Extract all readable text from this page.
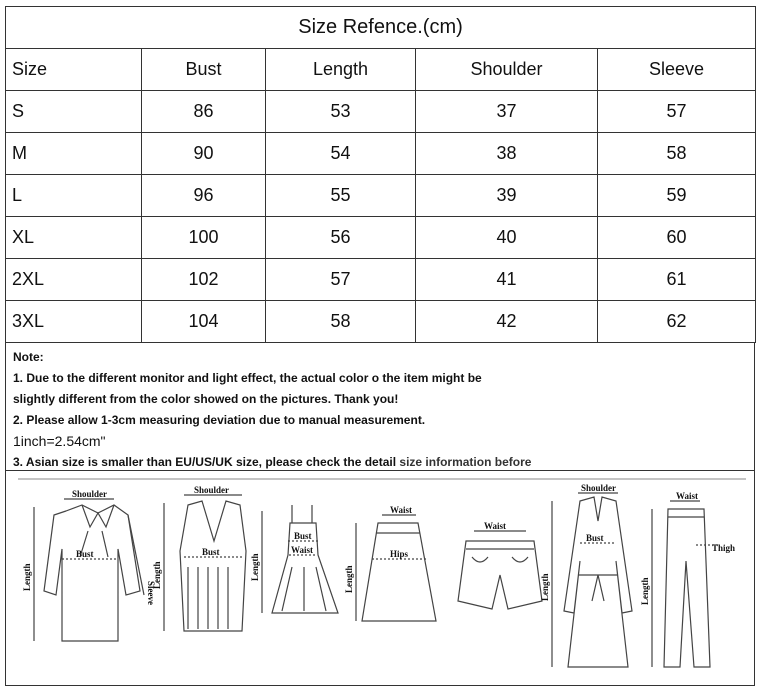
Size Refence.(cm)				
Size	Bust	Length	Shoulder	Sleeve
S	86	53	37	57
M	90	54	38	58
L	96	55	39	59
XL	100	56	40	60
2XL	102	57	41	61
3XL	104	58	42	62

Note:

1. Due to the different monitor and light effect, the actual color o the item might be

slightly different from the color showed on the pictures. Thank you!

2. Please allow 1-3cm measuring deviation due to manual measurement.

1inch=2.54cm"

3. Asian size is smaller than EU/US/UK size, please check the detail size information before

Shoulder
Bust
Shoulder
Bust
Bust
Waist
Waist
Hips
Waist
Shoulder
Bust
Waist
Thigh
Length
Sleeve
Length	Length	Length	Length	Length
